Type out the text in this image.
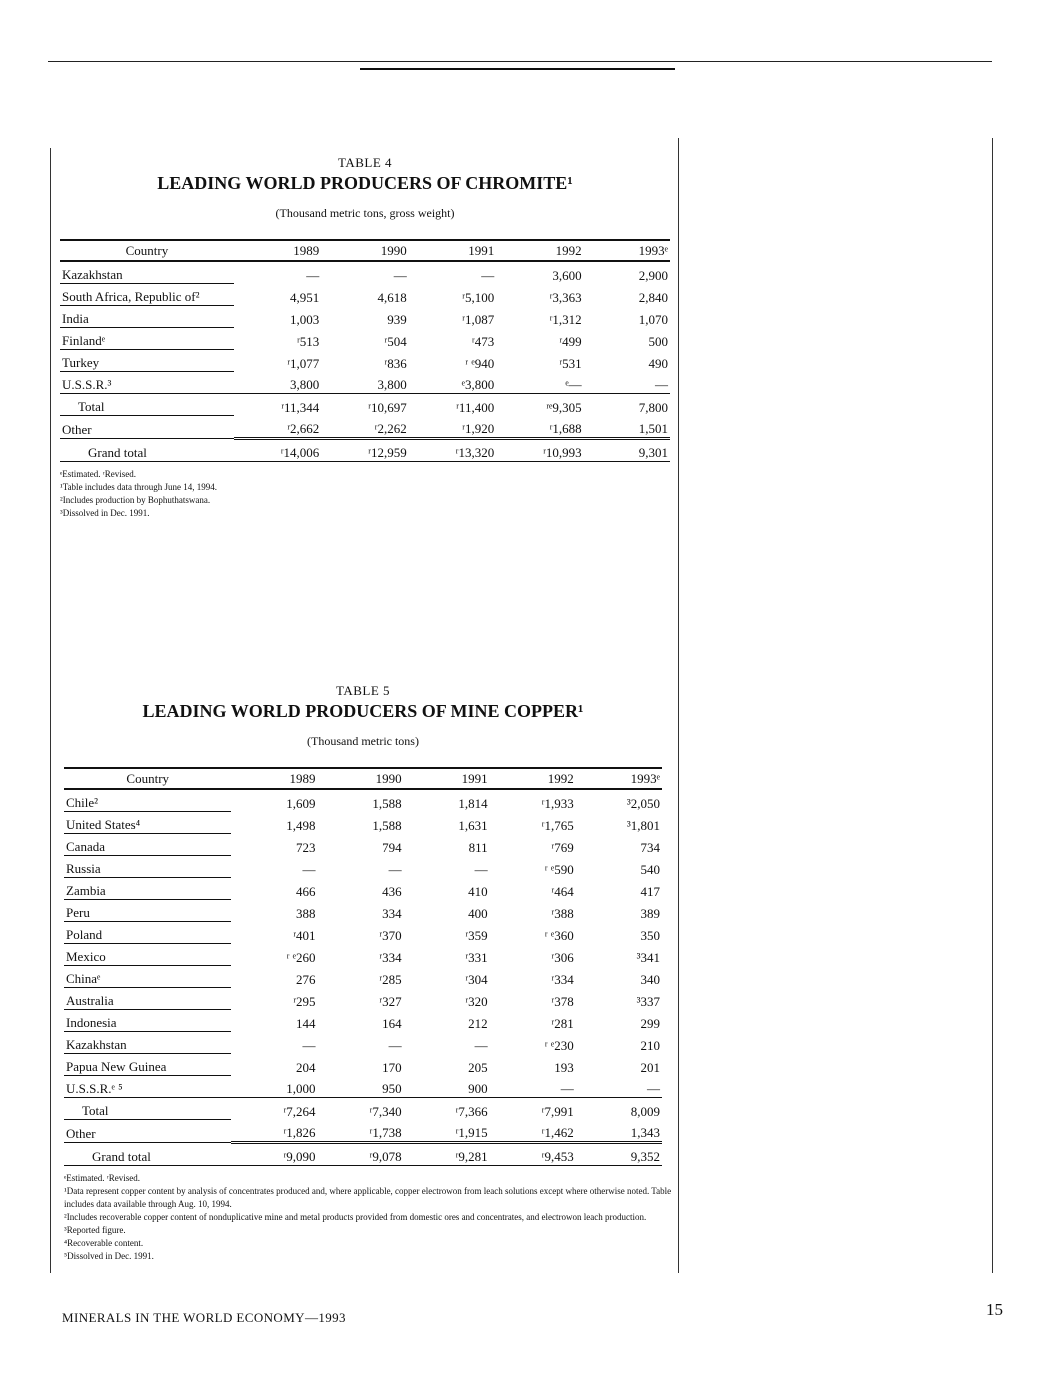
TABLE 4
LEADING WORLD PRODUCERS OF CHROMITE¹
(Thousand metric tons, gross weight)
Country	1989	1990	1991	1992	1993ᵉ
Kazakhstan	—	—	—	3,600	2,900
South Africa, Republic of²	4,951	4,618	ʳ5,100	ʳ3,363	2,840
India	1,003	939	ʳ1,087	ʳ1,312	1,070
Finlandᵉ	ʳ513	ʳ504	ʳ473	ʳ499	500
Turkey	ʳ1,077	ʳ836	ʳ ᵉ940	ʳ531	490
U.S.S.R.³	3,800	3,800	ᵉ3,800	ᵉ—	—
Total	ʳ11,344	ʳ10,697	ʳ11,400	ʳᵉ9,305	7,800
Other	ʳ2,662	ʳ2,262	ʳ1,920	ʳ1,688	1,501
Grand total	ʳ14,006	ʳ12,959	ʳ13,320	ʳ10,993	9,301
ᵉEstimated. ʳRevised.
¹Table includes data through June 14, 1994.
²Includes production by Bophuthatswana.
³Dissolved in Dec. 1991.
TABLE 5
LEADING WORLD PRODUCERS OF MINE COPPER¹
(Thousand metric tons)
Country	1989	1990	1991	1992	1993ᵉ
Chile²	1,609	1,588	1,814	ʳ1,933	³2,050
United States⁴	1,498	1,588	1,631	ʳ1,765	³1,801
Canada	723	794	811	ʳ769	734
Russia	—	—	—	ʳ ᵉ590	540
Zambia	466	436	410	ʳ464	417
Peru	388	334	400	ʳ388	389
Poland	ʳ401	ʳ370	ʳ359	ʳ ᵉ360	350
Mexico	ʳ ᵉ260	ʳ334	ʳ331	ʳ306	³341
Chinaᵉ	276	ʳ285	ʳ304	ʳ334	340
Australia	ʳ295	ʳ327	ʳ320	ʳ378	³337
Indonesia	144	164	212	ʳ281	299
Kazakhstan	—	—	—	ʳ ᵉ230	210
Papua New Guinea	204	170	205	193	201
U.S.S.R.ᵉ ⁵	1,000	950	900	—	—
Total	ʳ7,264	ʳ7,340	ʳ7,366	ʳ7,991	8,009
Other	ʳ1,826	ʳ1,738	ʳ1,915	ʳ1,462	1,343
Grand total	ʳ9,090	ʳ9,078	ʳ9,281	ʳ9,453	9,352
ᵉEstimated. ʳRevised.
¹Data represent copper content by analysis of concentrates produced and, where applicable, copper electrowon from leach solutions except where otherwise noted. Table includes data available through Aug. 10, 1994.
²Includes recoverable copper content of nonduplicative mine and metal products provided from domestic ores and concentrates, and electrowon leach production.
³Reported figure.
⁴Recoverable content.
⁵Dissolved in Dec. 1991.
MINERALS IN THE WORLD ECONOMY—1993	15
